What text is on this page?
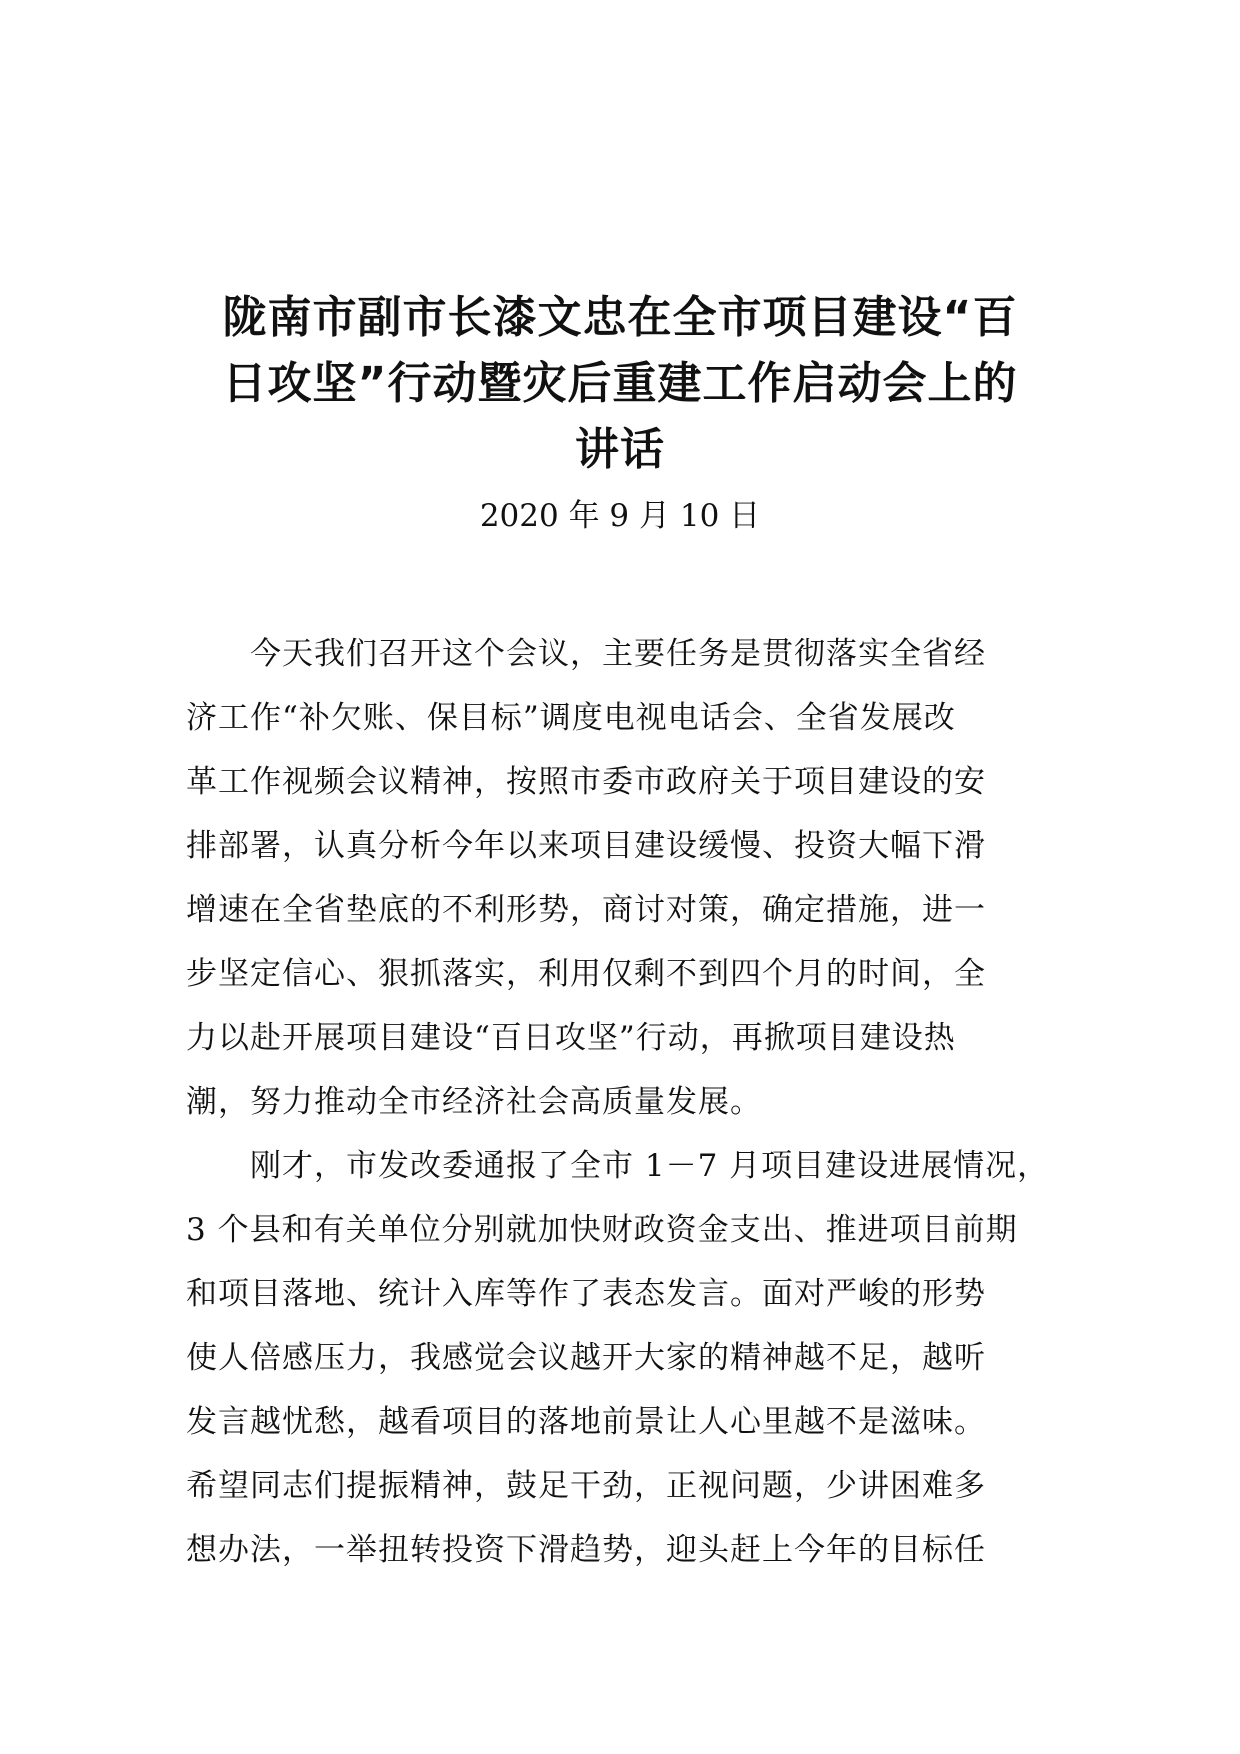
陇南市副市长漆文忠在全市项目建设“百
日攻坚”行动暨灾后重建工作启动会上的
讲话

2020 年 9 月 10 日

今天我们召开这个会议，主要任务是贯彻落实全省经
济工作“补欠账、保目标”调度电视电话会、全省发展改
革工作视频会议精神，按照市委市政府关于项目建设的安
排部署，认真分析今年以来项目建设缓慢、投资大幅下滑
增速在全省垫底的不利形势，商讨对策，确定措施，进一
步坚定信心、狠抓落实，利用仅剩不到四个月的时间，全
力以赴开展项目建设“百日攻坚”行动，再掀项目建设热
潮，努力推动全市经济社会高质量发展。
刚才，市发改委通报了全市 1－7 月项目建设进展情况，
3 个县和有关单位分别就加快财政资金支出、推进项目前期
和项目落地、统计入库等作了表态发言。面对严峻的形势
使人倍感压力，我感觉会议越开大家的精神越不足，越听
发言越忧愁，越看项目的落地前景让人心里越不是滋味。
希望同志们提振精神，鼓足干劲，正视问题，少讲困难多
想办法，一举扭转投资下滑趋势，迎头赶上今年的目标任
